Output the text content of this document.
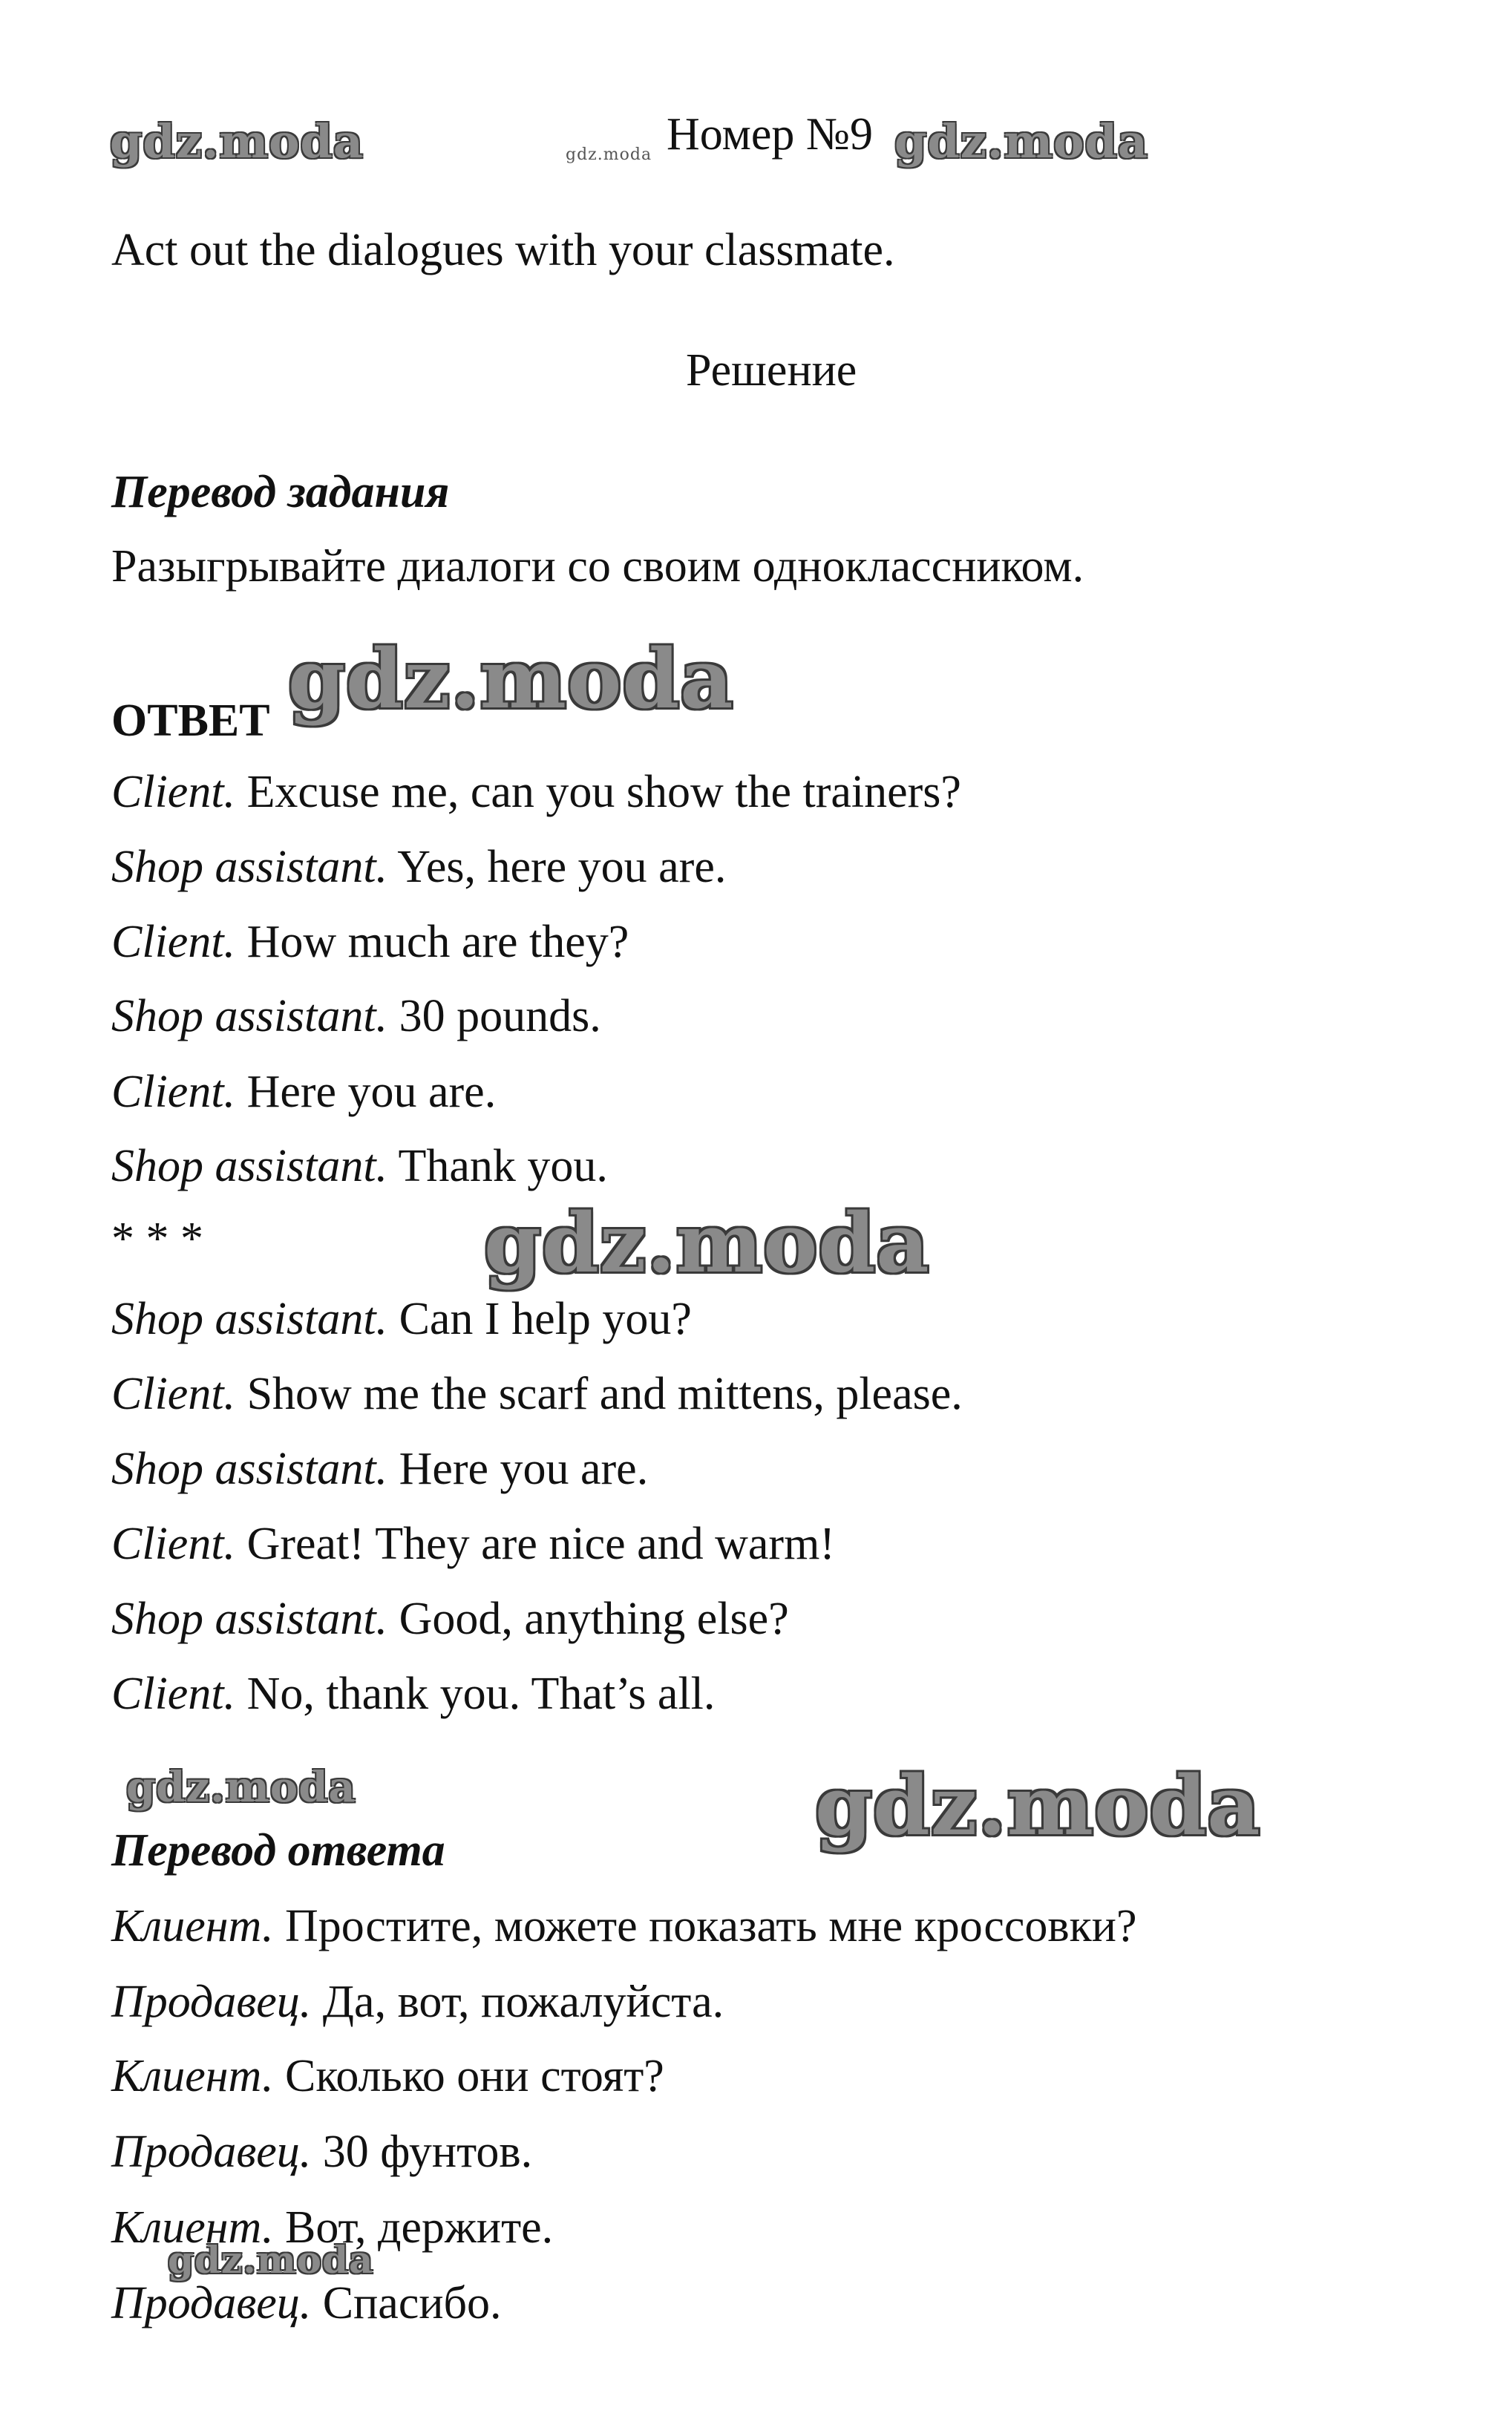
gdz.moda	gdz.moda	gdz.moda
gdz.moda
gdz.moda
gdz.moda	gdz.moda
gdz.moda
Номер №9
Act out the dialogues with your classmate.
Решение
Перевод задания
Разыгрывайте диалоги со своим одноклассником.
ОТВЕТ
Client. Excuse me, can you show the trainers?
Shop assistant. Yes, here you are.
Client. How much are they?
Shop assistant. 30 pounds.
Client. Here you are.
Shop assistant. Thank you.
* * *
Shop assistant. Can I help you?
Client. Show me the scarf and mittens, please.
Shop assistant. Here you are.
Client. Great! They are nice and warm!
Shop assistant. Good, anything else?
Client. No, thank you. That’s all.
Перевод ответа
Клиент. Простите, можете показать мне кроссовки?
Продавец. Да, вот, пожалуйста.
Клиент. Сколько они стоят?
Продавец. 30 фунтов.
Клиент. Вот, держите.
Продавец. Спасибо.
